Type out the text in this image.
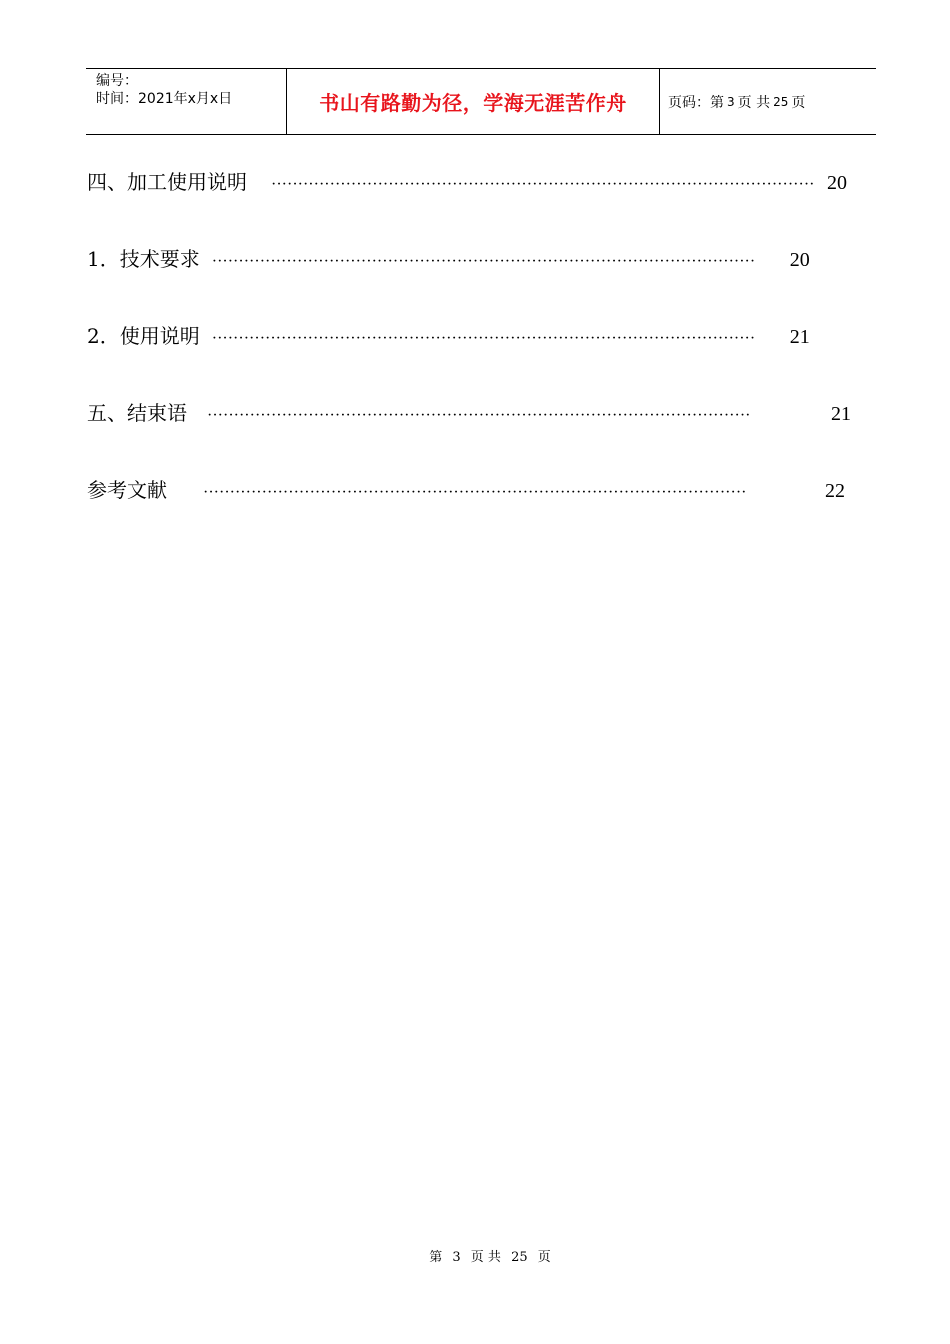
编号：
时间：2021年x月x日	书山有路勤为径，学海无涯苦作舟	页码：第 3 页 共 25 页
四、加工使用说明 ······································································································ 20
1．技术要求 ······································································································	20
2．使用说明 ······································································································	21
五、结束语 ······································································································	21
参考文献 ······································································································	22
第 3 页 共 25 页
